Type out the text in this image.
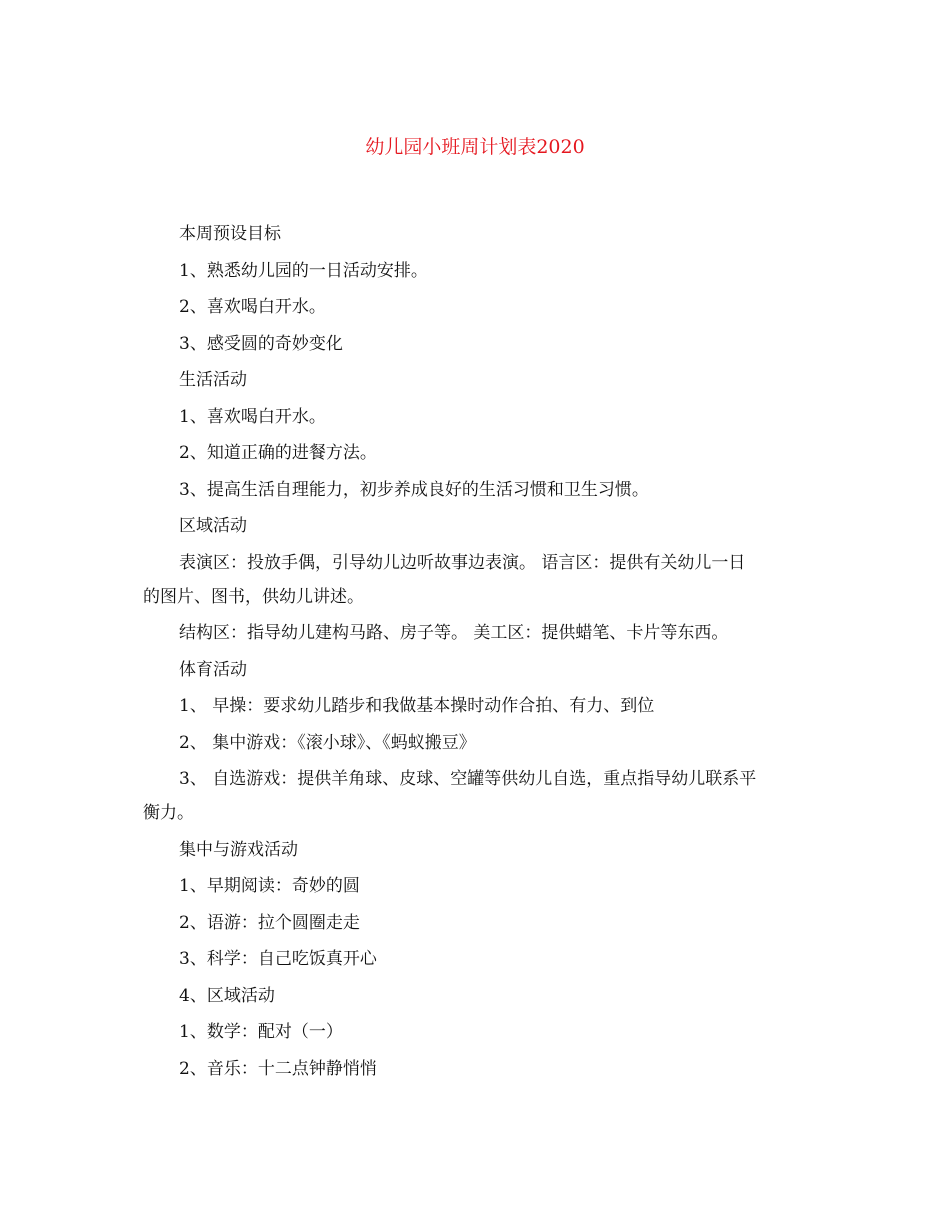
幼儿园小班周计划表2020

本周预设目标

1、熟悉幼儿园的一日活动安排。

2、喜欢喝白开水。

3、感受圆的奇妙变化

生活活动

1、喜欢喝白开水。

2、知道正确的进餐方法。

3、提高生活自理能力，初步养成良好的生活习惯和卫生习惯。

区域活动

表演区：投放手偶，引导幼儿边听故事边表演。 语言区：提供有关幼儿一日

的图片、图书，供幼儿讲述。

结构区：指导幼儿建构马路、房子等。 美工区：提供蜡笔、卡片等东西。

体育活动

1、 早操：要求幼儿踏步和我做基本操时动作合拍、有力、到位

2、 集中游戏：《滚小球》、《蚂蚁搬豆》

3、 自选游戏：提供羊角球、皮球、空罐等供幼儿自选，重点指导幼儿联系平

衡力。

集中与游戏活动

1、早期阅读：奇妙的圆

2、语游：拉个圆圈走走

3、科学：自己吃饭真开心

4、区域活动

1、数学：配对（一）

2、音乐：十二点钟静悄悄
